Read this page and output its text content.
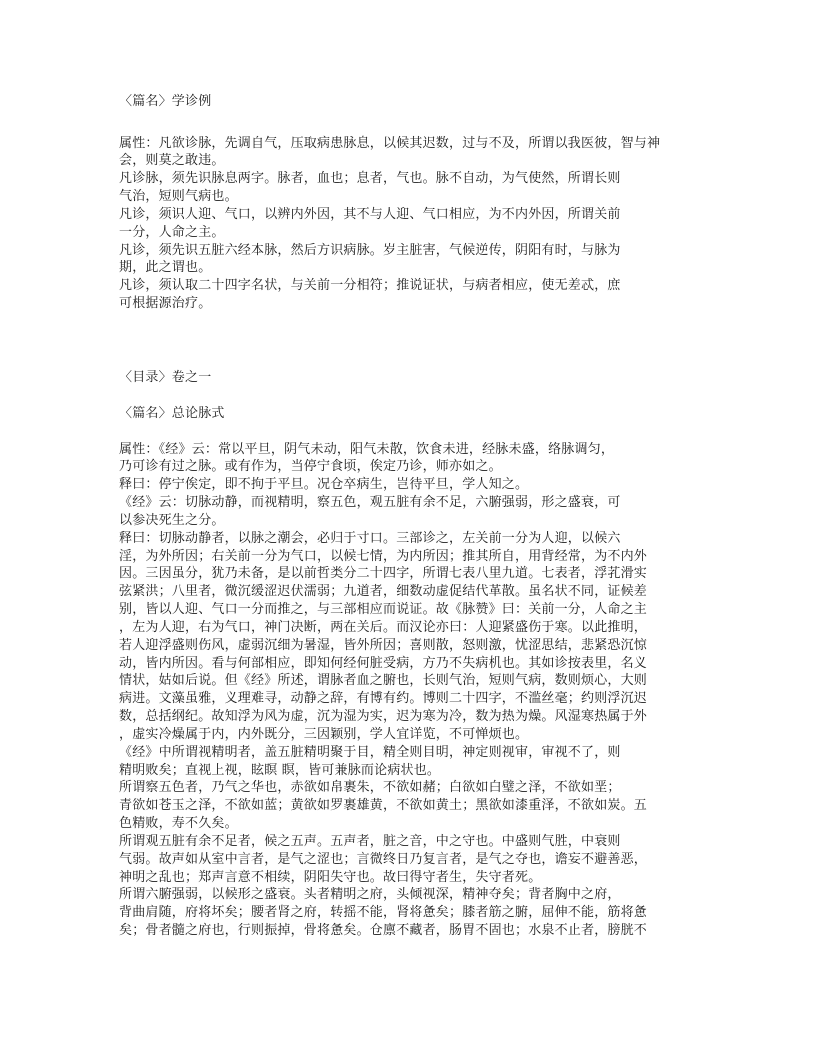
〈篇名〉学诊例
属性：凡欲诊脉，先调自气，压取病患脉息，以候其迟数，过与不及，所谓以我医彼，智与神
会，则莫之敢违。
凡诊脉，须先识脉息两字。脉者，血也；息者，气也。脉不自动，为气使然，所谓长则
气治，短则气病也。
凡诊，须识人迎、气口，以辨内外因，其不与人迎、气口相应，为不内外因，所谓关前
一分，人命之主。
凡诊，须先识五脏六经本脉，然后方识病脉。岁主脏害，气候逆传，阴阳有时，与脉为
期，此之谓也。
凡诊，须认取二十四字名状，与关前一分相符；推说证状，与病者相应，使无差忒，庶
可根据源治疗。
〈目录〉卷之一
〈篇名〉总论脉式
属性：《经》云：常以平旦，阴气未动，阳气未散，饮食未进，经脉未盛，络脉调匀，
乃可诊有过之脉。或有作为，当停宁食顷，俟定乃诊，师亦如之。
释曰：停宁俟定，即不拘于平旦。况仓卒病生，岂待平旦，学人知之。
《经》云：切脉动静，而视精明，察五色，观五脏有余不足，六腑强弱，形之盛衰，可
以参决死生之分。
释曰：切脉动静者，以脉之潮会，必归于寸口。三部诊之，左关前一分为人迎，以候六
淫，为外所因；右关前一分为气口，以候七情，为内所因；推其所自，用背经常，为不内外
因。三因虽分，犹乃未备，是以前哲类分二十四字，所谓七表八里九道。七表者，浮芤滑实
弦紧洪；八里者，微沉缓涩迟伏濡弱；九道者，细数动虚促结代革散。虽名状不同，证候差
别，皆以人迎、气口一分而推之，与三部相应而说证。故《脉赞》曰：关前一分，人命之主
，左为人迎，右为气口，神门决断，两在关后。而汉论亦曰：人迎紧盛伤于寒。以此推明，
若人迎浮盛则伤风，虚弱沉细为暑湿，皆外所因；喜则散，怒则激，忧涩思结，悲紧恐沉惊
动，皆内所因。看与何部相应，即知何经何脏受病，方乃不失病机也。其如诊按表里，名义
情状，姑如后说。但《经》所述，谓脉者血之腑也，长则气治，短则气病，数则烦心，大则
病进。文藻虽雅，义理难寻，动静之辞，有博有约。博则二十四字，不滥丝毫；约则浮沉迟
数，总括纲纪。故知浮为风为虚，沉为湿为实，迟为寒为冷，数为热为燥。风湿寒热属于外
，虚实冷燥属于内，内外既分，三因颖别，学人宜详览，不可惮烦也。
《经》中所谓视精明者，盖五脏精明聚于目，精全则目明，神定则视审，审视不了，则
精明败矣；直视上视，眩瞑 瞑，皆可兼脉而论病状也。
所谓察五色者，乃气之华也，赤欲如帛裹朱，不欲如赭；白欲如白璧之泽，不欲如垩；
青欲如苍玉之泽，不欲如蓝；黄欲如罗裹雄黄，不欲如黄土；黑欲如漆重泽，不欲如炭。五
色精败，寿不久矣。
所谓观五脏有余不足者，候之五声。五声者，脏之音，中之守也。中盛则气胜，中衰则
气弱。故声如从室中言者，是气之涩也；言微终日乃复言者，是气之夺也，谵妄不避善恶，
神明之乱也；郑声言意不相续，阴阳失守也。故曰得守者生，失守者死。
所谓六腑强弱，以候形之盛衰。头者精明之府，头倾视深，精神夺矣；背者胸中之府，
背曲肩随，府将坏矣；腰者肾之府，转摇不能，肾将惫矣；膝者筋之腑，屈伸不能，筋将惫
矣；骨者髓之府也，行则振掉，骨将惫矣。仓廪不藏者，肠胃不固也；水泉不止者，膀胱不
